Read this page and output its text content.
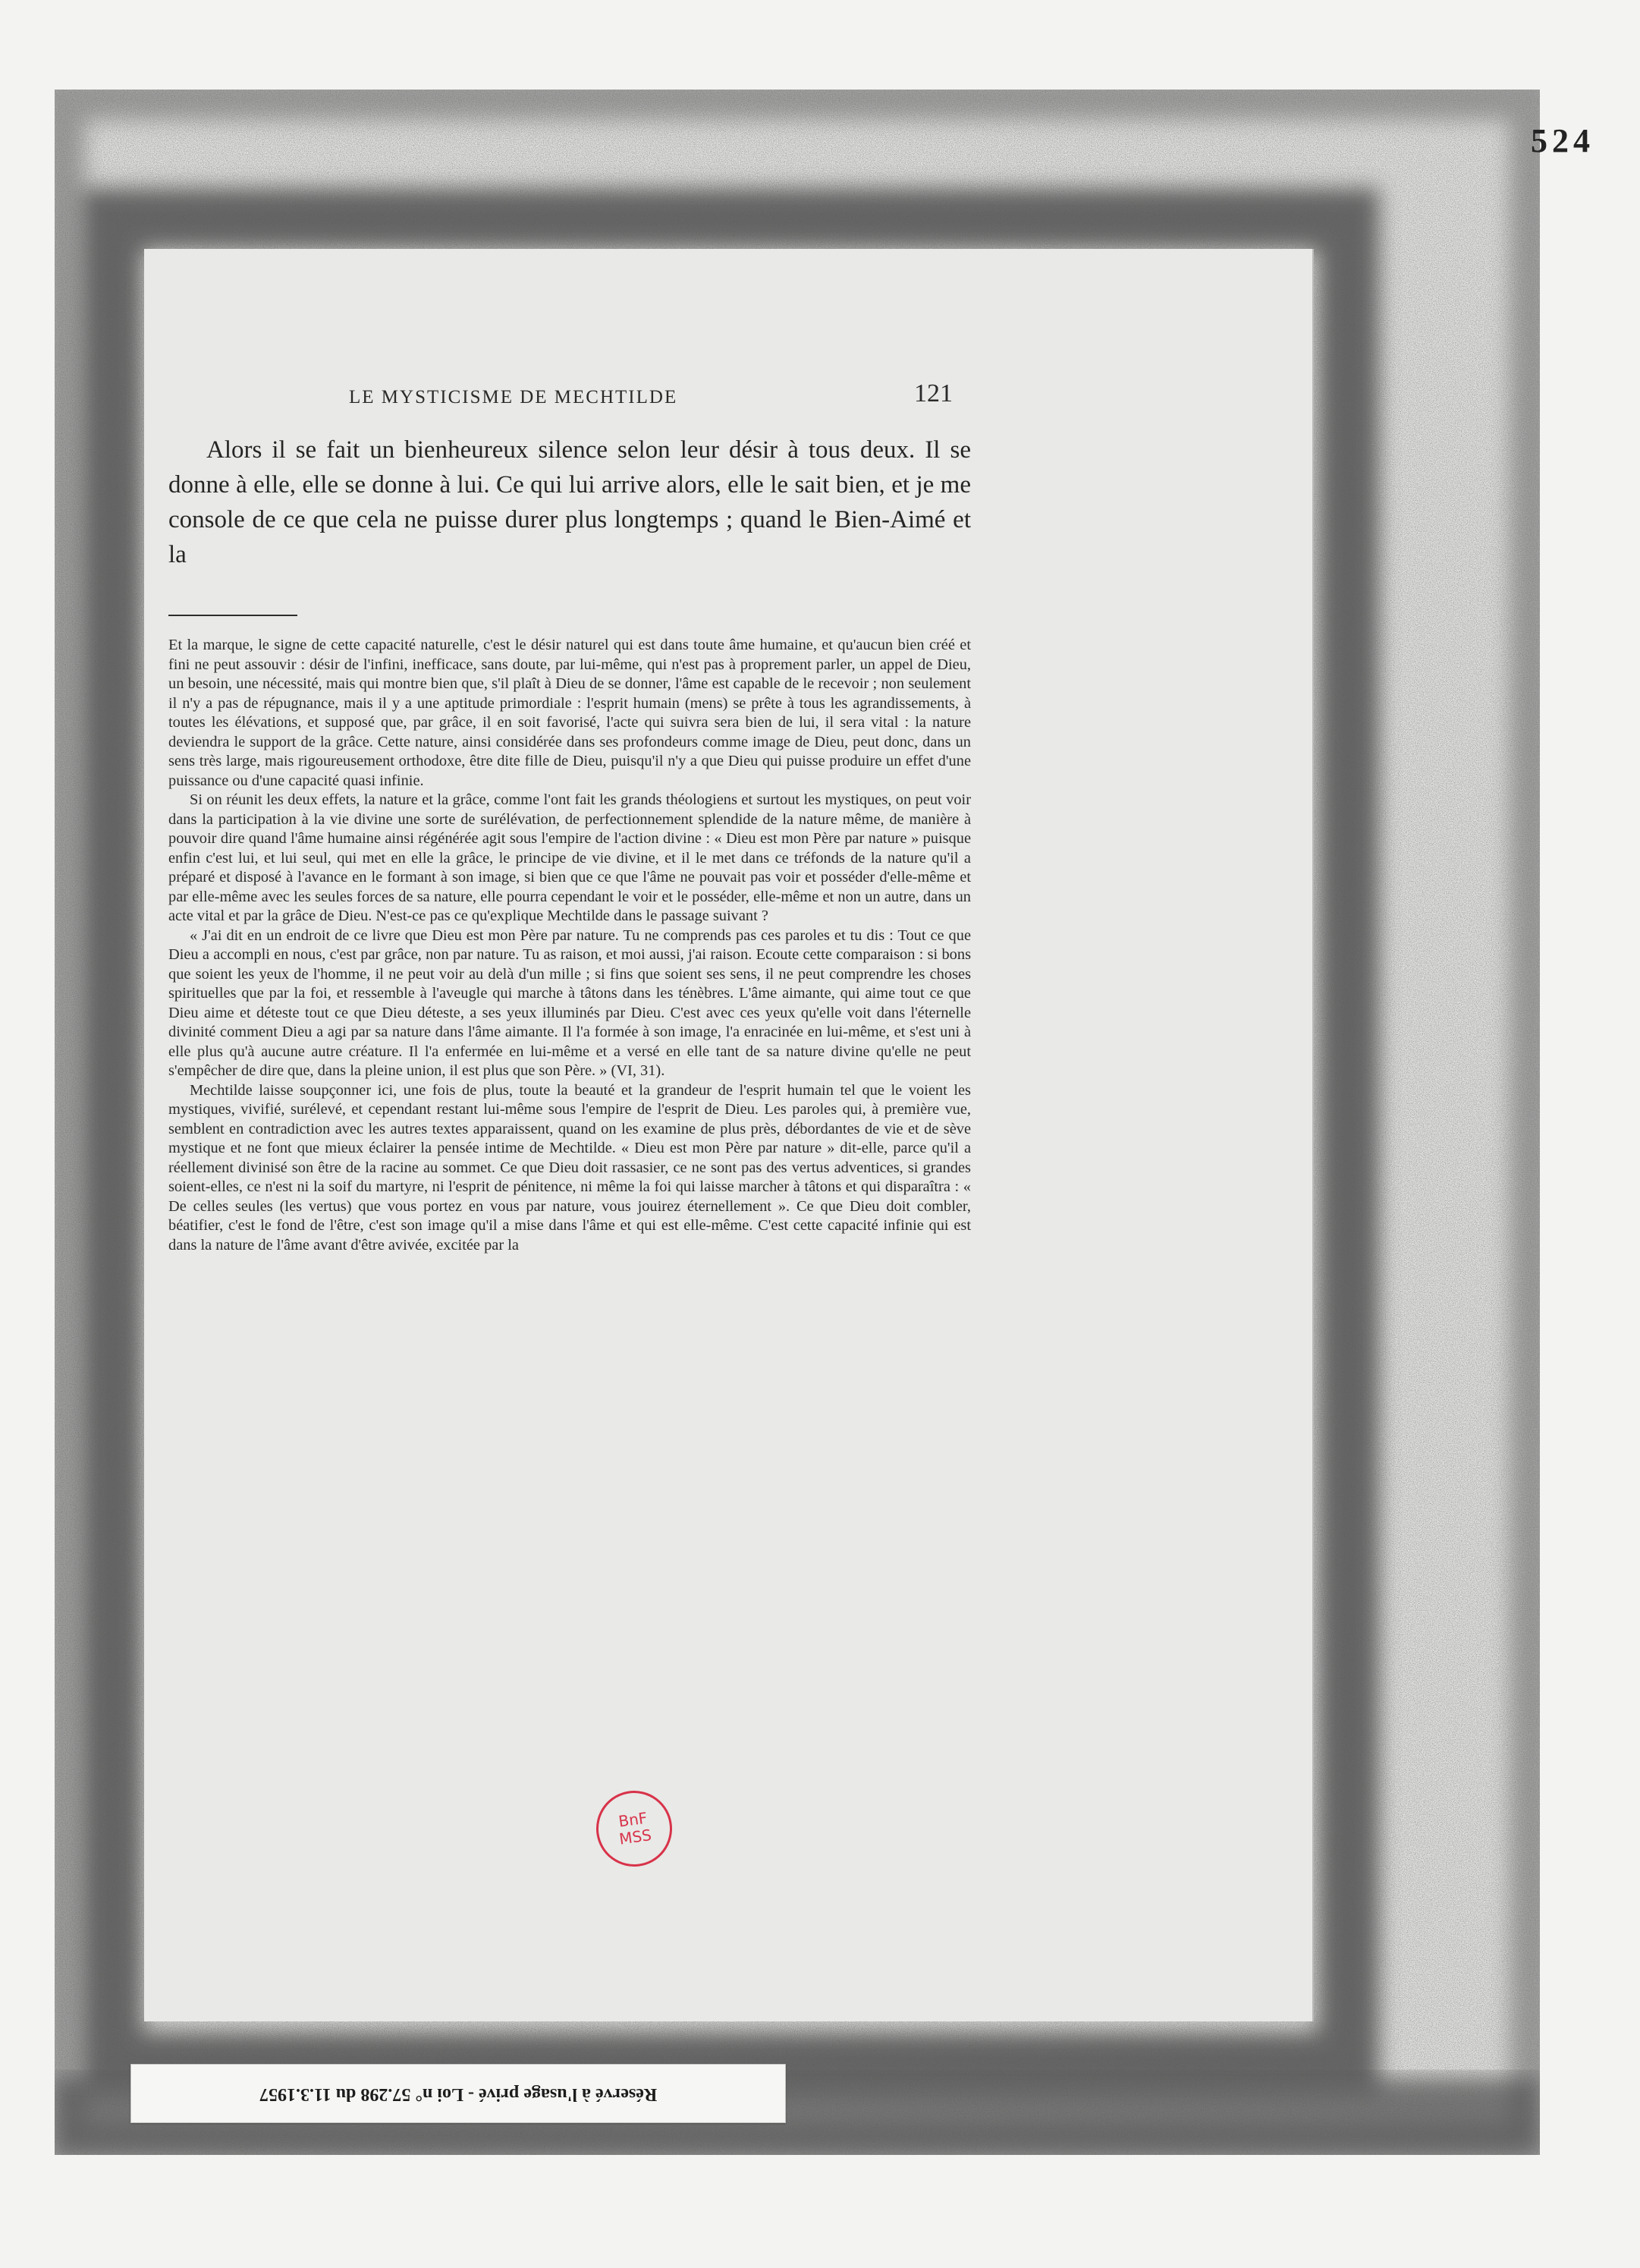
524
LE MYSTICISME DE MECHTILDE	121

Alors il se fait un bienheureux silence selon leur désir à tous deux. Il se donne à elle, elle se donne à lui. Ce qui lui arrive alors, elle le sait bien, et je me console de ce que cela ne puisse durer plus longtemps ; quand le Bien-Aimé et la

Et la marque, le signe de cette capacité naturelle, c'est le désir naturel qui est dans toute âme humaine, et qu'aucun bien créé et fini ne peut assouvir : désir de l'infini, inefficace, sans doute, par lui-même, qui n'est pas à proprement parler, un appel de Dieu, un besoin, une nécessité, mais qui montre bien que, s'il plaît à Dieu de se donner, l'âme est capable de le recevoir ; non seulement il n'y a pas de répugnance, mais il y a une aptitude primordiale : l'esprit humain (mens) se prête à tous les agrandissements, à toutes les élévations, et supposé que, par grâce, il en soit favorisé, l'acte qui suivra sera bien de lui, il sera vital : la nature deviendra le support de la grâce. Cette nature, ainsi considérée dans ses profondeurs comme image de Dieu, peut donc, dans un sens très large, mais rigoureusement orthodoxe, être dite fille de Dieu, puisqu'il n'y a que Dieu qui puisse produire un effet d'une puissance ou d'une capacité quasi infinie.

Si on réunit les deux effets, la nature et la grâce, comme l'ont fait les grands théologiens et surtout les mystiques, on peut voir dans la participation à la vie divine une sorte de surélévation, de perfectionnement splendide de la nature même, de manière à pouvoir dire quand l'âme humaine ainsi régénérée agit sous l'empire de l'action divine : « Dieu est mon Père par nature » puisque enfin c'est lui, et lui seul, qui met en elle la grâce, le principe de vie divine, et il le met dans ce tréfonds de la nature qu'il a préparé et disposé à l'avance en le formant à son image, si bien que ce que l'âme ne pouvait pas voir et posséder d'elle-même et par elle-même avec les seules forces de sa nature, elle pourra cependant le voir et le posséder, elle-même et non un autre, dans un acte vital et par la grâce de Dieu. N'est-ce pas ce qu'explique Mechtilde dans le passage suivant ?

« J'ai dit en un endroit de ce livre que Dieu est mon Père par nature. Tu ne comprends pas ces paroles et tu dis : Tout ce que Dieu a accompli en nous, c'est par grâce, non par nature. Tu as raison, et moi aussi, j'ai raison. Ecoute cette comparaison : si bons que soient les yeux de l'homme, il ne peut voir au delà d'un mille ; si fins que soient ses sens, il ne peut comprendre les choses spirituelles que par la foi, et ressemble à l'aveugle qui marche à tâtons dans les ténèbres. L'âme aimante, qui aime tout ce que Dieu aime et déteste tout ce que Dieu déteste, a ses yeux illuminés par Dieu. C'est avec ces yeux qu'elle voit dans l'éternelle divinité comment Dieu a agi par sa nature dans l'âme aimante. Il l'a formée à son image, l'a enracinée en lui-même, et s'est uni à elle plus qu'à aucune autre créature. Il l'a enfermée en lui-même et a versé en elle tant de sa nature divine qu'elle ne peut s'empêcher de dire que, dans la pleine union, il est plus que son Père. » (VI, 31).

Mechtilde laisse soupçonner ici, une fois de plus, toute la beauté et la grandeur de l'esprit humain tel que le voient les mystiques, vivifié, surélevé, et cependant restant lui-même sous l'empire de l'esprit de Dieu. Les paroles qui, à première vue, semblent en contradiction avec les autres textes apparaissent, quand on les examine de plus près, débordantes de vie et de sève mystique et ne font que mieux éclairer la pensée intime de Mechtilde. « Dieu est mon Père par nature » dit-elle, parce qu'il a réellement divinisé son être de la racine au sommet. Ce que Dieu doit rassasier, ce ne sont pas des vertus adventices, si grandes soient-elles, ce n'est ni la soif du martyre, ni l'esprit de pénitence, ni même la foi qui laisse marcher à tâtons et qui disparaîtra : « De celles seules (les vertus) que vous portez en vous par nature, vous jouirez éternellement ». Ce que Dieu doit combler, béatifier, c'est le fond de l'être, c'est son image qu'il a mise dans l'âme et qui est elle-même. C'est cette capacité infinie qui est dans la nature de l'âme avant d'être avivée, excitée par la

BnF
MSS
Réservé à l'usage privé - Loi n° 57.298 du 11.3.1957
